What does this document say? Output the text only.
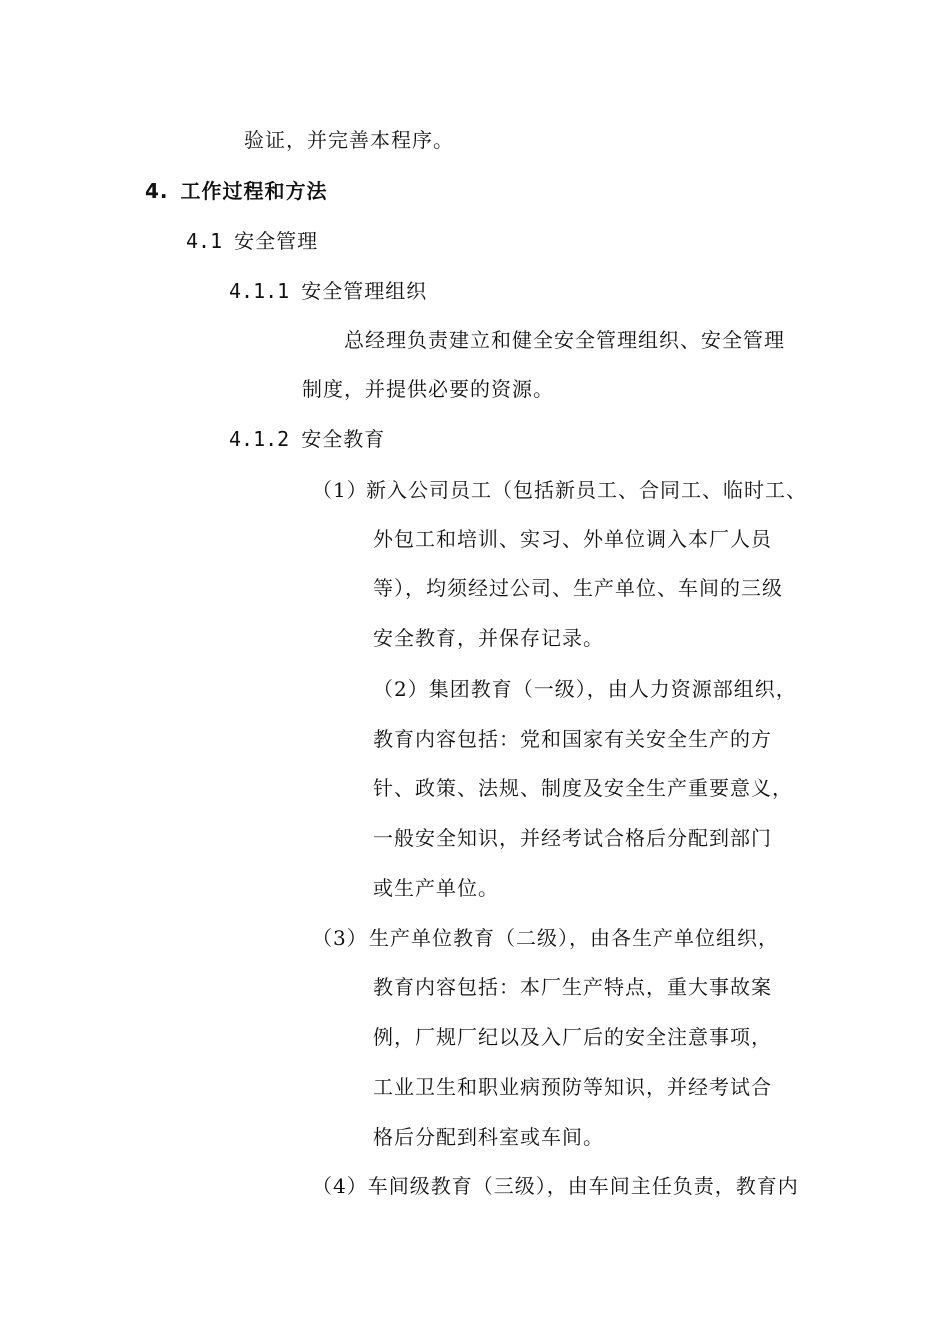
验证，并完善本程序。
4. 工作过程和方法
4.1 安全管理
4.1.1 安全管理组织
总经理负责建立和健全安全管理组织、安全管理
制度，并提供必要的资源。
4.1.2 安全教育
（1）
新入公司员工（包括新员工、合同工、临时工、
外包工和培训、实习、外单位调入本厂人员
等），均须经过公司、生产单位、车间的三级
安全教育，并保存记录。
（2）集团教育（一级），由人力资源部组织，
教育内容包括：党和国家有关安全生产的方
针、政策、法规、制度及安全生产重要意义，
一般安全知识，并经考试合格后分配到部门
或生产单位。
（3） 生产单位教育（二级），由各生产单位组织，
教育内容包括：本厂生产特点，重大事故案
例，厂规厂纪以及入厂后的安全注意事项，
工业卫生和职业病预防等知识，并经考试合
格后分配到科室或车间。
（4）车间级教育（三级），由车间主任负责，教育内
